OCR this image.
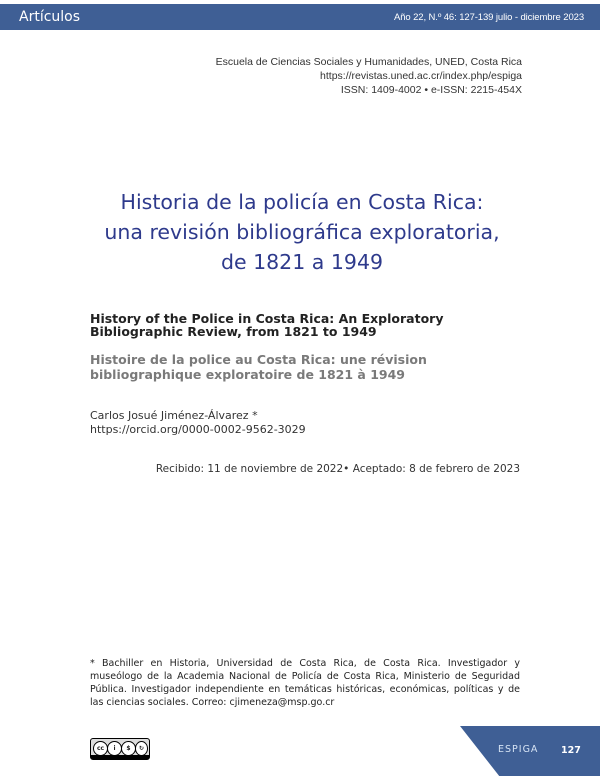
Artículos	Año 22, N.º 46: 127-139 julio - diciembre 2023
Escuela de Ciencias Sociales y Humanidades, UNED, Costa Rica
https://revistas.uned.ac.cr/index.php/espiga
ISSN: 1409-4002 • e-ISSN: 2215-454X
Historia de la policía en Costa Rica:
una revisión bibliográfica exploratoria,
de 1821 a 1949
History of the Police in Costa Rica: An Exploratory Bibliographic Review, from 1821 to 1949
Histoire de la police au Costa Rica: une révision bibliographique exploratoire de 1821 à 1949
Carlos Josué Jiménez-Álvarez *
https://orcid.org/0000-0002-9562-3029
Recibido: 11 de noviembre de 2022• Aceptado: 8 de febrero de 2023
* Bachiller en Historia, Universidad de Costa Rica, de Costa Rica. Investigador y museólogo de la Academia Nacional de Policía de Costa Rica, Ministerio de Seguridad Pública. Investigador independiente en temáticas históricas, económicas, políticas y de las ciencias sociales. Correo: cjimeneza@msp.go.cr
cc	i	$	↻	ESPIGA 127
